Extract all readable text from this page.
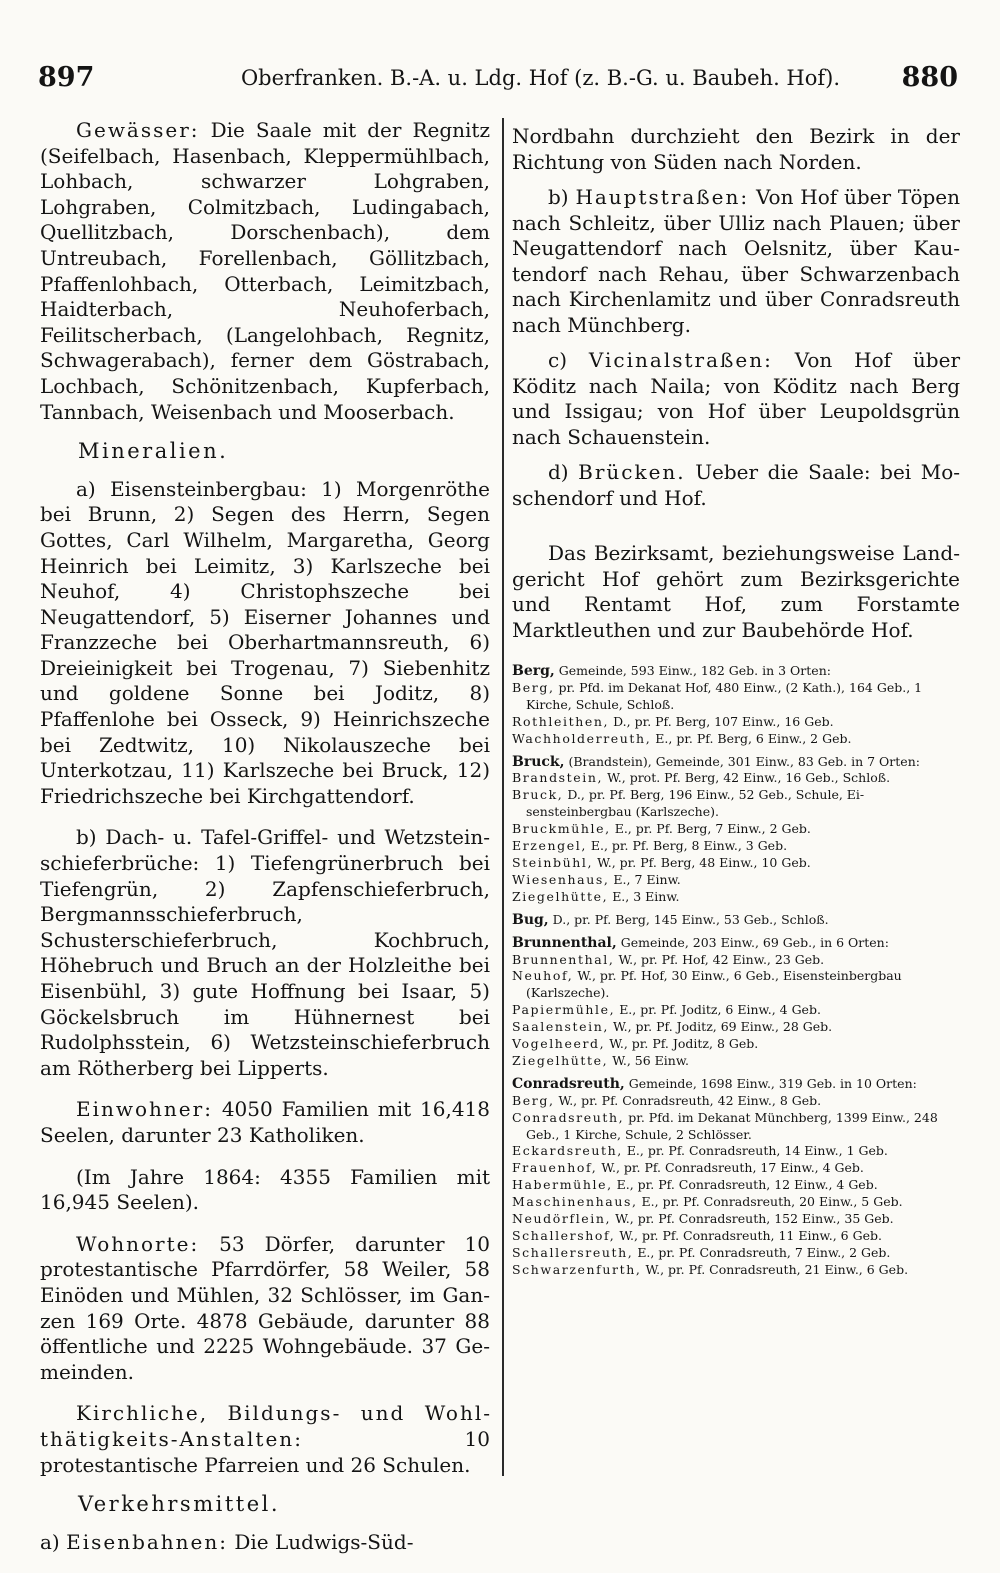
897	Oberfranken. B.-A. u. Ldg. Hof (z. B.-G. u. Baubeh. Hof). 880

Gewässer: Die Saale mit der Regnitz (Seifelbach, Hasenbach, Kleppermühlbach, Lohbach, schwarzer Lohgraben, Lohgraben, Colmitzbach, Ludingabach, Quellitzbach, Dorschenbach), dem Untreubach, Forellenbach, Göllitzbach, Pfaffenlohbach, Otterbach, Leimitzbach, Haidterbach, Neuhoferbach, Feilitscherbach, (Langelohbach, Regnitz, Schwagerabach), ferner dem Göstrabach, Lochbach, Schönitzenbach, Kupferbach, Tannbach, Weisenbach und Mooserbach.

Mineralien.

a) Eisensteinbergbau: 1) Morgenröthe bei Brunn, 2) Segen des Herrn, Segen Gottes, Carl Wilhelm, Margaretha, Georg Heinrich bei Leimitz, 3) Karlszeche bei Neuhof, 4) Christophszeche bei Neugattendorf, 5) Eiserner Johannes und Franzzeche bei Oberhartmannsreuth, 6) Dreieinigkeit bei Trogenau, 7) Siebenhitz und goldene Sonne bei Joditz, 8) Pfaffenlohe bei Osseck, 9) Heinrichszeche bei Zedtwitz, 10) Nikolauszeche bei Unterkotzau, 11) Karlszeche bei Bruck, 12) Friedrichszeche bei Kirchgattendorf.

b) Dach- u. Tafel-Griffel- und Wetzsteinschieferbrüche: 1) Tiefengrünerbruch bei Tiefengrün, 2) Zapfenschieferbruch, Bergmannsschieferbruch, Schusterschieferbruch, Kochbruch, Höhebruch und Bruch an der Holzleithe bei Eisenbühl, 3) gute Hoffnung bei Isaar, 5) Göckelsbruch im Hühnernest bei Rudolphsstein, 6) Wetzsteinschieferbruch am Rötherberg bei Lipperts.

Einwohner: 4050 Familien mit 16,418 Seelen, darunter 23 Katholiken.

(Im Jahre 1864: 4355 Familien mit 16,945 Seelen).

Wohnorte: 53 Dörfer, darunter 10 protestantische Pfarrdörfer, 58 Weiler, 58 Einöden und Mühlen, 32 Schlösser, im Ganzen 169 Orte. 4878 Gebäude, darunter 88 öffentliche und 2225 Wohngebäude. 37 Gemeinden.

Kirchliche, Bildungs- und Wohlthätigkeits-Anstalten:	10 protestantische Pfarreien und 26 Schulen.

Verkehrsmittel.

a) Eisenbahnen: Die Ludwigs-Süd-

Nordbahn durchzieht den Bezirk in der Richtung von Süden nach Norden.

b) Hauptstraßen: Von Hof über Töpen nach Schleitz, über Ulliz nach Plauen; über Neugattendorf nach Oelsnitz, über Kautendorf nach Rehau, über Schwarzenbach nach Kirchenlamitz und über Conradsreuth nach Münchberg.

c) Vicinalstraßen: Von Hof über Köditz nach Naila; von Köditz nach Berg und Issigau; von Hof über Leupoldsgrün nach Schauenstein.

d) Brücken. Ueber die Saale: bei Moschendorf und Hof.

Das Bezirksamt, beziehungsweise Landgericht Hof gehört zum Bezirksgerichte und Rentamt Hof, zum Forstamte Marktleuthen und zur Baubehörde Hof.

Berg, Gemeinde, 593 Einw., 182 Geb. in 3 Orten:
Berg, pr. Pfd. im Dekanat Hof, 480 Einw., (2 Kath.), 164 Geb., 1 Kirche, Schule, Schloß.
Rothleithen, D., pr. Pf. Berg, 107 Einw., 16 Geb.
Wachholderreuth, E., pr. Pf. Berg, 6 Einw., 2 Geb.
Bruck, (Brandstein), Gemeinde, 301 Einw., 83 Geb. in 7 Orten:
Brandstein, W., prot. Pf. Berg, 42 Einw., 16 Geb., Schloß.
Bruck, D., pr. Pf. Berg, 196 Einw., 52 Geb., Schule, Eisensteinbergbau (Karlszeche).
Bruckmühle, E., pr. Pf. Berg, 7 Einw., 2 Geb.
Erzengel, E., pr. Pf. Berg, 8 Einw., 3 Geb.
Steinbühl, W., pr. Pf. Berg, 48 Einw., 10 Geb.
Wiesenhaus, E., 7 Einw.
Ziegelhütte, E., 3 Einw.
Bug, D., pr. Pf. Berg, 145 Einw., 53 Geb., Schloß.
Brunnenthal, Gemeinde, 203 Einw., 69 Geb., in 6 Orten:
Brunnenthal, W., pr. Pf. Hof, 42 Einw., 23 Geb.
Neuhof, W., pr. Pf. Hof, 30 Einw., 6 Geb., Eisensteinbergbau (Karlszeche).
Papiermühle, E., pr. Pf. Joditz, 6 Einw., 4 Geb.
Saalenstein, W., pr. Pf. Joditz, 69 Einw., 28 Geb.
Vogelheerd, W., pr. Pf. Joditz, 8 Geb.
Ziegelhütte, W., 56 Einw.
Conradsreuth, Gemeinde, 1698 Einw., 319 Geb. in 10 Orten:
Berg, W., pr. Pf. Conradsreuth, 42 Einw., 8 Geb.
Conradsreuth, pr. Pfd. im Dekanat Münchberg, 1399 Einw., 248 Geb., 1 Kirche, Schule, 2 Schlösser.
Eckardsreuth, E., pr. Pf. Conradsreuth, 14 Einw., 1 Geb.
Frauenhof, W., pr. Pf. Conradsreuth, 17 Einw., 4 Geb.
Habermühle, E., pr. Pf. Conradsreuth, 12 Einw., 4 Geb.
Maschinenhaus, E., pr. Pf. Conradsreuth, 20 Einw., 5 Geb.
Neudörflein, W., pr. Pf. Conradsreuth, 152 Einw., 35 Geb.
Schallershof, W., pr. Pf. Conradsreuth, 11 Einw., 6 Geb.
Schallersreuth, E., pr. Pf. Conradsreuth, 7 Einw., 2 Geb.
Schwarzenfurth, W., pr. Pf. Conradsreuth, 21 Einw., 6 Geb.
